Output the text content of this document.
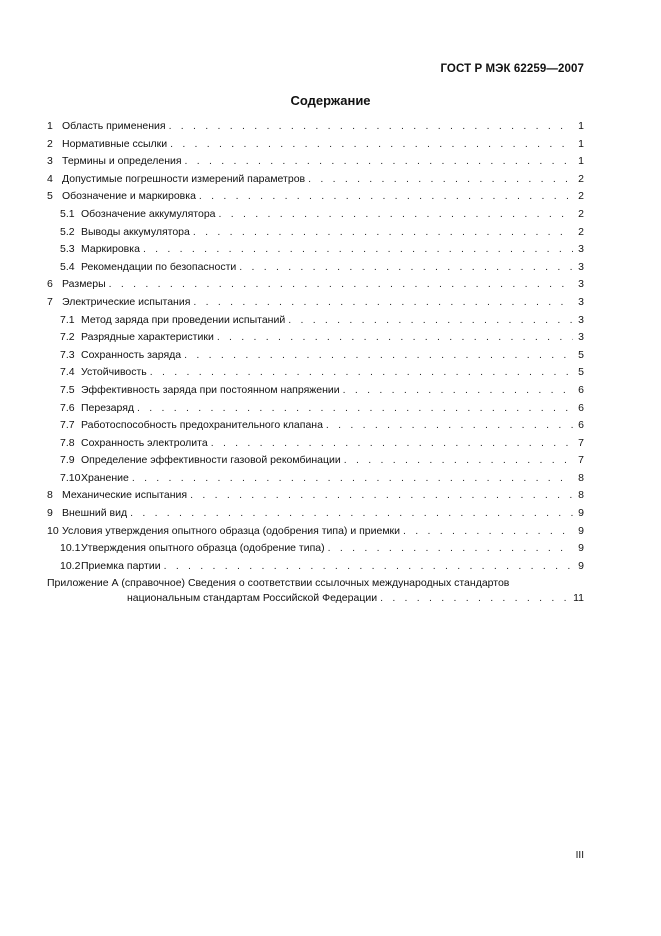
ГОСТ Р МЭК 62259—2007
Содержание
1 Область применения . . .	1
2 Нормативные ссылки . . .	1
3 Термины и определения . . .	1
4 Допустимые погрешности измерений параметров . . .	2
5 Обозначение и маркировка . . .	2
5.1 Обозначение аккумулятора . . .	2
5.2 Выводы аккумулятора . . .	2
5.3 Маркировка . . .	3
5.4 Рекомендации по безопасности . . .	3
6 Размеры . . .	3
7 Электрические испытания . . .	3
7.1 Метод заряда при проведении испытаний . . .	3
7.2 Разрядные характеристики . . .	3
7.3 Сохранность заряда . . .	5
7.4 Устойчивость . . .	5
7.5 Эффективность заряда при постоянном напряжении . . .	6
7.6 Перезаряд . . .	6
7.7 Работоспособность предохранительного клапана . . .	6
7.8 Сохранность электролита . . .	7
7.9 Определение эффективности газовой рекомбинации . . .	7
7.10 Хранение . . .	8
8 Механические испытания . . .	8
9 Внешний вид . . .	9
10 Условия утверждения опытного образца (одобрения типа) и приемки . . .	9
10.1 Утверждения опытного образца (одобрение типа) . . .	9
10.2 Приемка партии . . .	9
Приложение А (справочное) Сведения о соответствии ссылочных международных стандартов
национальным стандартам Российской Федерации . . .	11
III
